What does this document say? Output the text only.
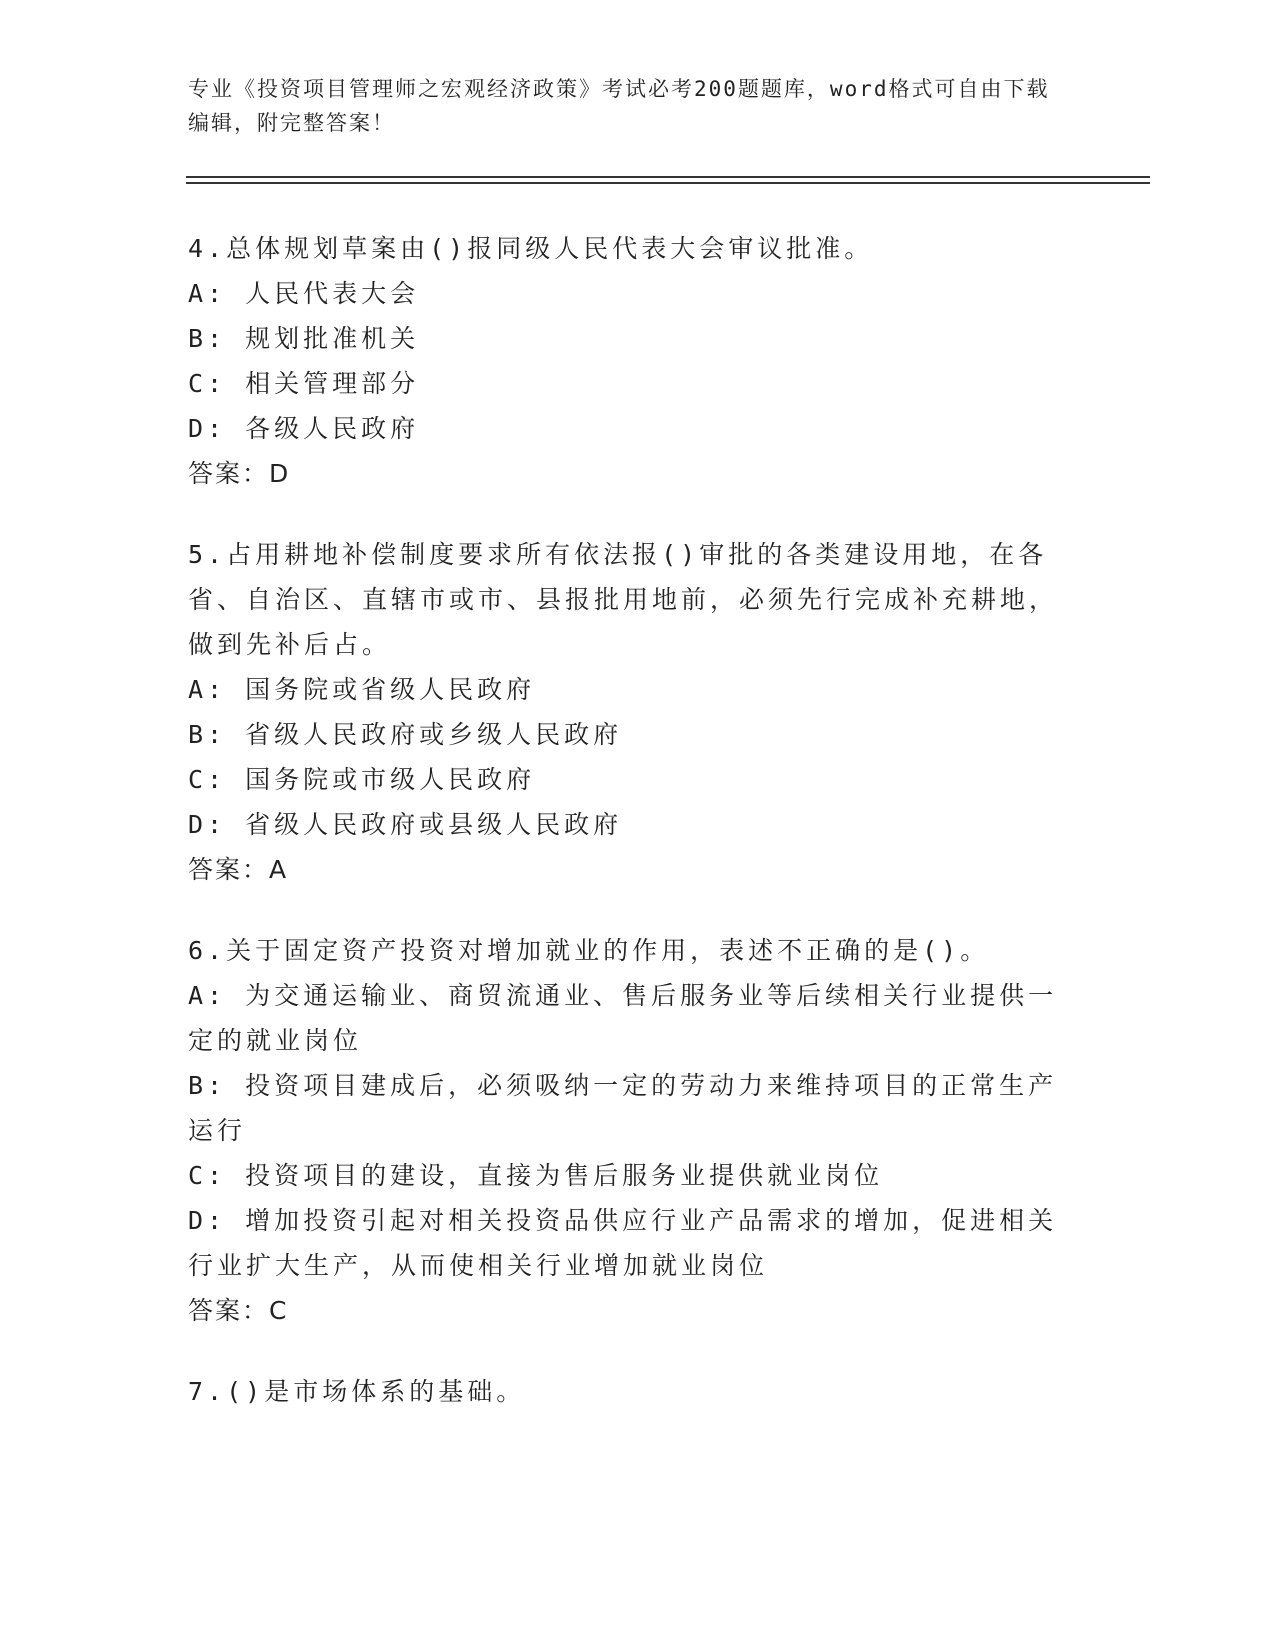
专业《投资项目管理师之宏观经济政策》考试必考200题题库，word格式可自由下载编辑，附完整答案！
4.总体规划草案由()报同级人民代表大会审议批准。
A: 人民代表大会
B: 规划批准机关
C: 相关管理部分
D: 各级人民政府
答案：D
5.占用耕地补偿制度要求所有依法报()审批的各类建设用地，在各省、自治区、直辖市或市、县报批用地前，必须先行完成补充耕地，做到先补后占。
A: 国务院或省级人民政府
B: 省级人民政府或乡级人民政府
C: 国务院或市级人民政府
D: 省级人民政府或县级人民政府
答案：A
6.关于固定资产投资对增加就业的作用，表述不正确的是()。
A: 为交通运输业、商贸流通业、售后服务业等后续相关行业提供一定的就业岗位
B: 投资项目建成后，必须吸纳一定的劳动力来维持项目的正常生产运行
C: 投资项目的建设，直接为售后服务业提供就业岗位
D: 增加投资引起对相关投资品供应行业产品需求的增加，促进相关行业扩大生产，从而使相关行业增加就业岗位
答案：C
7.()是市场体系的基础。
